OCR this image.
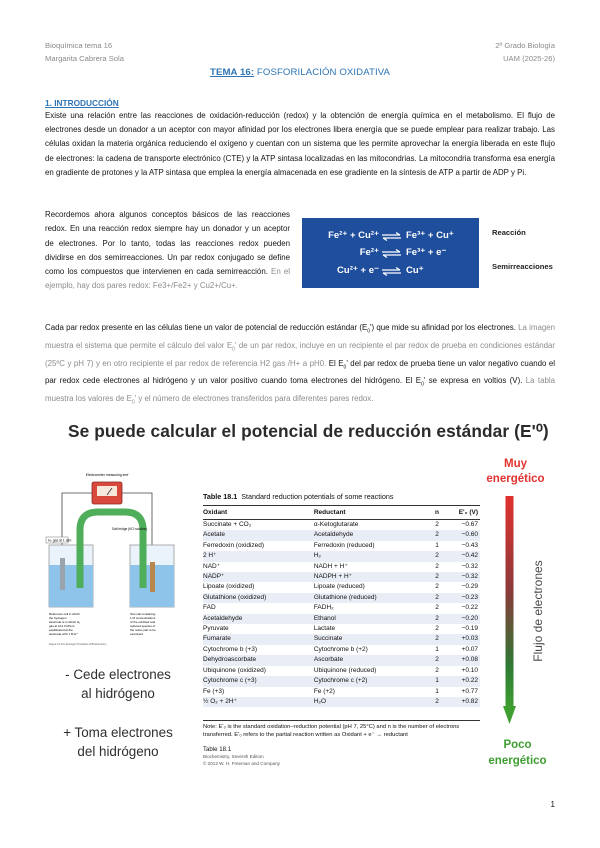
Bioquímica tema 16
Margarita Cabrera Sola
2º Grado Biología
UAM (2025-26)
TEMA 16: FOSFORILACIÓN OXIDATIVA
1. INTRODUCCIÓN
Existe una relación entre las reacciones de oxidación-reducción (redox) y la obtención de energía química en el metabolismo. El flujo de electrones desde un donador a un aceptor con mayor afinidad por los electrones libera energía que se puede emplear para realizar trabajo. Las células oxidan la materia orgánica reduciendo el oxígeno y cuentan con un sistema que les permite aprovechar la energía liberada en este flujo de electrones: la cadena de transporte electrónico (CTE) y la ATP sintasa localizadas en las mitocondrias. La mitocondria transforma esa energía en gradiente de protones y la ATP sintasa que emplea la energía almacenada en ese gradiente en la síntesis de ATP a partir de ADP y Pi.
Recordemos ahora algunos conceptos básicos de las reacciones redox. En una reacción redox siempre hay un donador y un aceptor de electrones. Por lo tanto, todas las reacciones redox pueden dividirse en dos semirreacciones. Un par redox conjugado se define como los compuestos que intervienen en cada semirreacción. En el ejemplo, hay dos pares redox: Fe3+/Fe2+ y Cu2+/Cu+.
Fe²⁺ + Cu²⁺ ⇌ Fe³⁺ + Cu⁺
Fe²⁺ ⇌ Fe³⁺ + e⁻
Cu²⁺ + e⁻ ⇌ Cu⁺
Reacción
Semirreacciones
Cada par redox presente en las células tiene un valor de potencial de reducción estándar $(E_0')$ que mide su afinidad por los electrones. La imagen muestra el sistema que permite el cálculo del valor $E_0'$ de un par redox, incluye en un recipiente el par redox de prueba en condiciones estándar (25ºC y pH 7) y en otro recipiente el par redox de referencia H2 gas /H+ a pH0. El $E_0'$ del par redox de prueba tiene un valor negativo cuando el par redox cede electrones al hidrógeno y un valor positivo cuando toma electrones del hidrógeno. El $E_0'$ se expresa en voltios (V). La tabla muestra los valores de $E_0'$ y el número de electrones transferidos para diferentes pares redox.
Se puede calcular el potencial de reducción estándar (E'⁰)
Electrometer measuring emf
H₂ gas at 1 atm
Salt bridge (KCl solution)
Reference cell in which the hydrogen electrode is in which H₂ gas at 101.3 kPa is equilibrated at the electrode with 1 M H⁺
Test cell containing 1 M concentrations of the oxidized and reduced species of the redox pair to be examined
Figure 13-24 Lehninger Principles of Biochemistry
- Cede electrones
al hidrógeno
+ Toma electrones
del hidrógeno
Table 18.1 Standard reduction potentials of some reactions
Oxidant	Reductant	n	E'₀ (V)
Succinate + CO₂	α-Ketoglutarate	2	−0.67
Acetate	Acetaldehyde	2	−0.60
Ferredoxin (oxidized)	Ferredoxin (reduced)	1	−0.43
2 H⁺	H₂	2	−0.42
NAD⁺	NADH + H⁺	2	−0.32
NADP⁺	NADPH + H⁺	2	−0.32
Lipoate (oxidized)	Lipoate (reduced)	2	−0.29
Glutathione (oxidized)	Glutathione (reduced)	2	−0.23
FAD	FADH₂	2	−0.22
Acetaldehyde	Ethanol	2	−0.20
Pyruvate	Lactate	2	−0.19
Fumarate	Succinate	2	+0.03
Cytochrome b (+3)	Cytochrome b (+2)	1	+0.07
Dehydroascorbate	Ascorbate	2	+0.08
Ubiquinone (oxidized)	Ubiquinone (reduced)	2	+0.10
Cytochrome c (+3)	Cytochrome c (+2)	1	+0.22
Fe (+3)	Fe (+2)	1	+0.77
½ O₂ + 2H⁺	H₂O	2	+0.82
Note: E'₀ is the standard oxidation–reduction potential (pH 7, 25°C) and n is the number of electrons transferred. E'₀ refers to the partial reaction written as Oxidant + e⁻ → reductant
Table 18.1
Biochemistry, Seventh Edition
© 2012 W. H. Freeman and Company
Muy
energético
Flujo de electrones
Poco
energético
1
